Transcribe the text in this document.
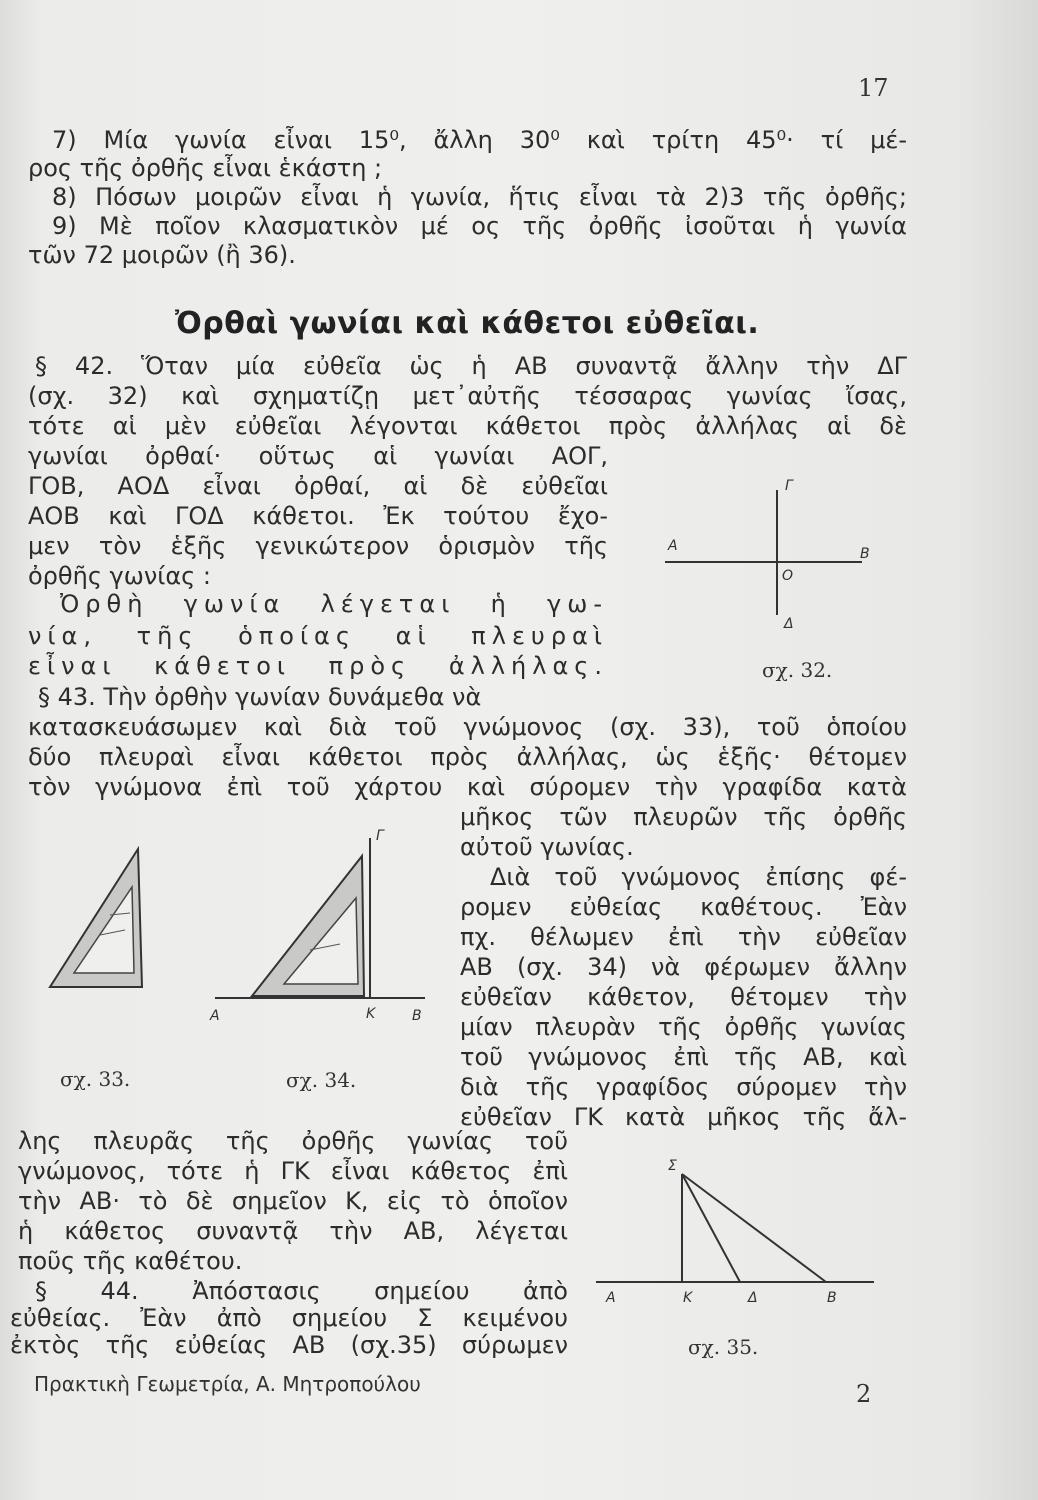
17
7) Μία γωνία εἶναι 15⁰, ἄλλη 30⁰ καὶ τρίτη 45⁰· τί μέ-
ρος τῆς ὀρθῆς εἶναι ἑκάστη ;
8) Πόσων μοιρῶν εἶναι ἡ γωνία, ἥτις εἶναι τὰ 2)3 τῆς ὀρθῆς;
9) Μὲ ποῖον κλασματικὸν μέ ος τῆς ὀρθῆς ἰσοῦται ἡ γωνία
τῶν 72 μοιρῶν (ἢ 36).
Ὀρθαὶ γωνίαι καὶ κάθετοι εὐθεῖαι.
§ 42. Ὅταν μία εὐθεῖα ὡς ἡ ΑΒ συναντᾷ ἄλλην τὴν ΔΓ
(σχ. 32) καὶ σχηματίζῃ μετ᾽αὐτῆς τέσσαρας γωνίας ἴσας,
τότε αἱ μὲν εὐθεῖαι λέγονται κάθετοι πρὸς ἀλλήλας αἱ δὲ
γωνίαι ὀρθαί· οὕτως αἱ γωνίαι ΑΟΓ,
ΓΟΒ, ΑΟΔ εἶναι ὀρθαί, αἱ δὲ εὐθεῖαι
ΑΟΒ καὶ ΓΟΔ κάθετοι. Ἐκ τούτου ἔχο-
μεν τὸν ἑξῆς γενικώτερον ὁρισμὸν τῆς
ὀρθῆς γωνίας :
Ὀρθὴ γωνία λέγεται ἡ γω-
νία, τῆς ὁποίας αἱ πλευραὶ
εἶναι κάθετοι πρὸς ἀλλήλας.
Γ
Α	Β
Ο
Δ
σχ. 32.
§ 43. Τὴν ὀρθὴν γωνίαν δυνάμεθα νὰ
κατασκευάσωμεν καὶ διὰ τοῦ γνώμονος (σχ. 33), τοῦ ὁποίου
δύο πλευραὶ εἶναι κάθετοι πρὸς ἀλλήλας, ὡς ἑξῆς· θέτομεν
τὸν γνώμονα ἐπὶ τοῦ χάρτου καὶ σύρομεν τὴν γραφίδα κατὰ
μῆκος τῶν πλευρῶν τῆς ὀρθῆς
αὐτοῦ γωνίας.
Διὰ τοῦ γνώμονος ἐπίσης φέ-
ρομεν εὐθείας καθέτους. Ἐὰν
πχ. θέλωμεν ἐπὶ τὴν εὐθεῖαν
ΑΒ (σχ. 34) νὰ φέρωμεν ἄλλην
εὐθεῖαν κάθετον, θέτομεν τὴν
μίαν πλευρὰν τῆς ὀρθῆς γωνίας
τοῦ γνώμονος ἐπὶ τῆς ΑΒ, καὶ
διὰ τῆς γραφίδος σύρομεν τὴν
εὐθεῖαν ΓΚ κατὰ μῆκος τῆς ἄλ-
σχ. 33.
Γ
Α	Κ	Β
σχ. 34.
λης πλευρᾶς τῆς ὀρθῆς γωνίας τοῦ
γνώμονος, τότε ἡ ΓΚ εἶναι κάθετος ἐπὶ
τὴν ΑΒ· τὸ δὲ σημεῖον Κ, εἰς τὸ ὁποῖον
ἡ κάθετος συναντᾷ τὴν ΑΒ, λέγεται
ποῦς τῆς καθέτου.
§ 44. Ἀπόστασις σημείου ἀπὸ
εὐθείας. Ἐὰν ἀπὸ σημείου Σ κειμένου
ἐκτὸς τῆς εὐθείας ΑΒ (σχ.35) σύρωμεν
Σ
Α	Κ	Δ	Β
σχ. 35.
Πρακτικὴ Γεωμετρία, Α. Μητροπούλου	2
